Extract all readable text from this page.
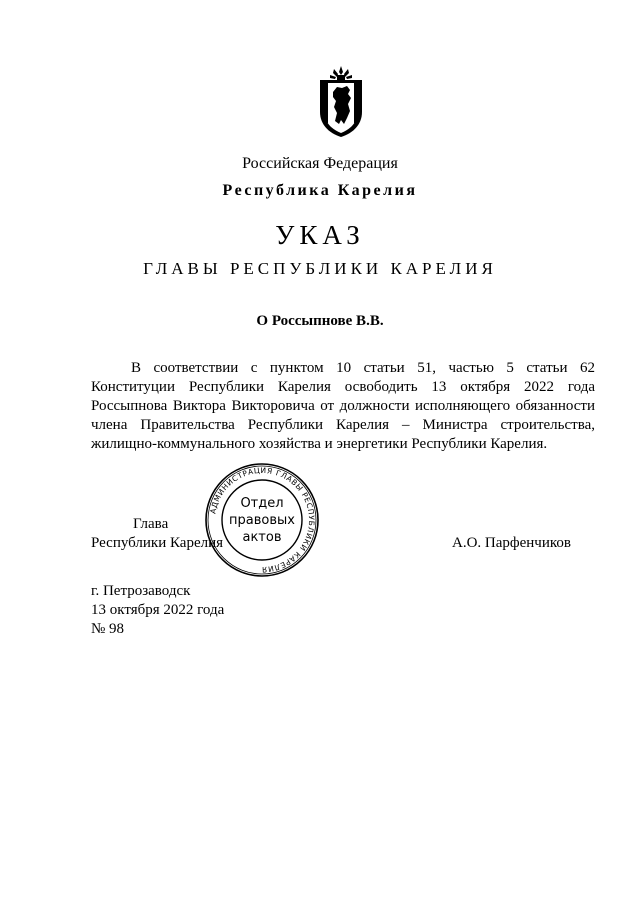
Российская Федерация
Республика Карелия
УКАЗ
ГЛАВЫ РЕСПУБЛИКИ КАРЕЛИЯ
О Россыпнове В.В.
В соответствии с пунктом 10 статьи 51, частью 5 статьи 62 Конституции Республики Карелия освободить 13 октября 2022 года Россыпнова Виктора Викторовича от должности исполняющего обязанности члена Правительства Республики Карелия – Министра строительства, жилищно-коммунального хозяйства и энергетики Республики Карелия.
Глава
Республики Карелия	А.О. Парфенчиков
АДМИНИСТРАЦИЯ ГЛАВЫ РЕСПУБЛИКИ КАРЕЛИЯ
Отдел
правовых
актов
г. Петрозаводск
13 октября 2022 года
№ 98
